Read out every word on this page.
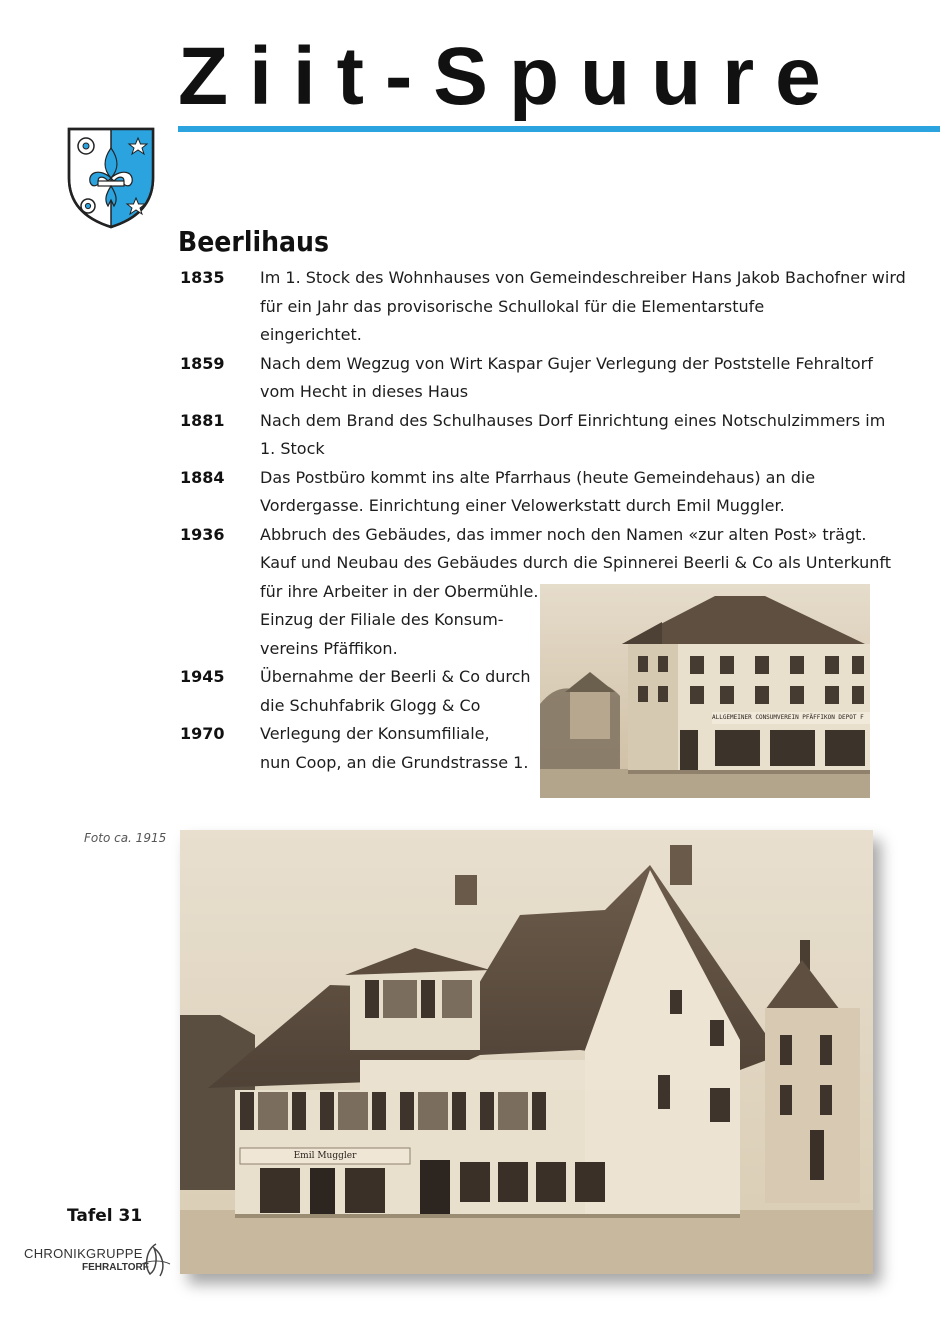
Ziit-Spuure
Beerlihaus
1835 Im 1. Stock des Wohnhauses von Gemeindeschreiber Hans Jakob Bachofner wird
für ein Jahr das provisorische Schullokal für die Elementarstufe
eingerichtet.
1859 Nach dem Wegzug von Wirt Kaspar Gujer Verlegung der Poststelle Fehraltorf
vom Hecht in dieses Haus
1881 Nach dem Brand des Schulhauses Dorf Einrichtung eines Notschulzimmers im
1. Stock
1884 Das Postbüro kommt ins alte Pfarrhaus (heute Gemeindehaus) an die
Vordergasse. Einrichtung einer Velowerkstatt durch Emil Muggler.
1936 Abbruch des Gebäudes, das immer noch den Namen «zur alten Post» trägt.
Kauf und Neubau des Gebäudes durch die Spinnerei Beerli & Co als Unterkunft
für ihre Arbeiter in der Obermühle.
Einzug der Filiale des Konsum-
vereins Pfäffikon.
1945 Übernahme der Beerli & Co durch
die Schuhfabrik Glogg & Co
1970 Verlegung der Konsumfiliale,
nun Coop, an die Grundstrasse 1.
ALLGEMEINER CONSUMVEREIN PFÄFFIKON DEPOT F
Foto ca. 1915
Emil Muggler
Tafel 31
CHRONIKGRUPPE
FEHRALTORF
